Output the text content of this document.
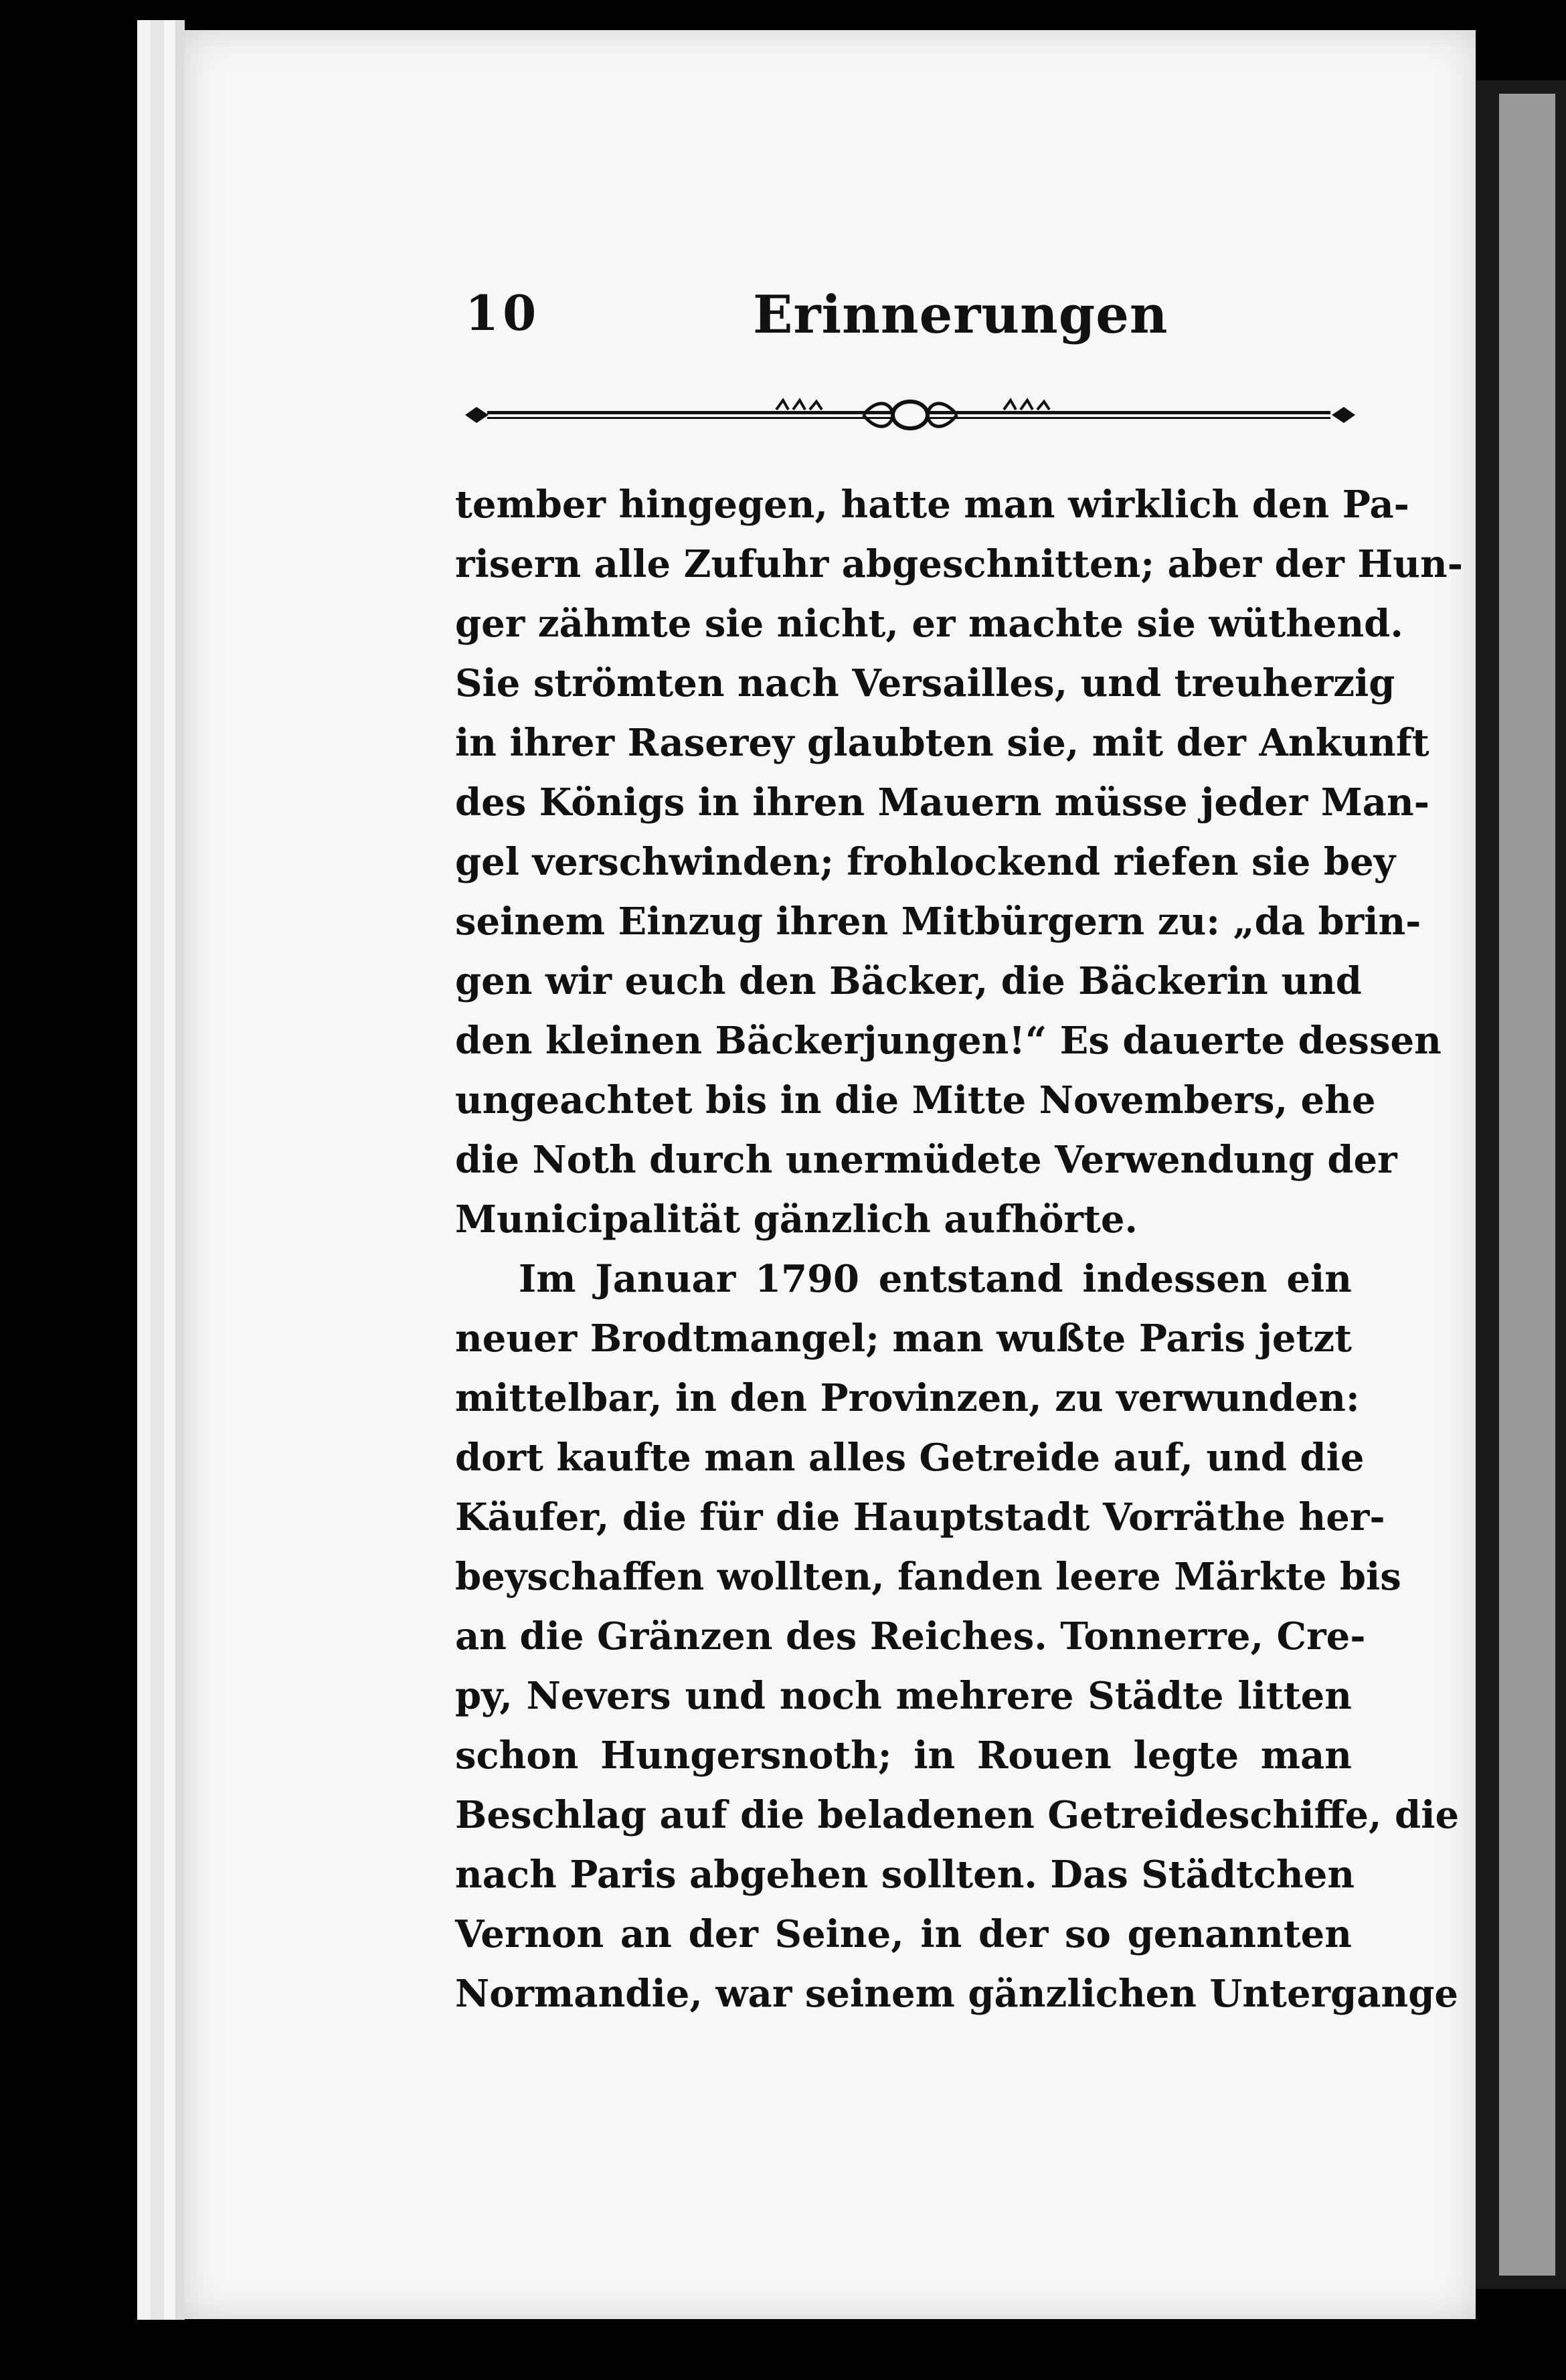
10	Erinnerungen
tember hingegen, hatte man wirklich den Pa-
risern alle Zufuhr abgeschnitten; aber der Hun-
ger zähmte sie nicht, er machte sie wüthend.
Sie strömten nach Versailles, und treuherzig
in ihrer Raserey glaubten sie, mit der Ankunft
des Königs in ihren Mauern müsse jeder Man-
gel verschwinden; frohlockend riefen sie bey
seinem Einzug ihren Mitbürgern zu: „da brin-
gen wir euch den Bäcker, die Bäckerin und
den kleinen Bäckerjungen!“ Es dauerte dessen
ungeachtet bis in die Mitte Novembers, ehe
die Noth durch unermüdete Verwendung der
Municipalität gänzlich aufhörte.
Im Januar 1790 entstand indessen ein
neuer Brodtmangel; man wußte Paris jetzt
mittelbar, in den Provinzen, zu verwunden:
dort kaufte man alles Getreide auf, und die
Käufer, die für die Hauptstadt Vorräthe her-
beyschaffen wollten, fanden leere Märkte bis
an die Gränzen des Reiches. Tonnerre, Cre-
py, Nevers und noch mehrere Städte litten
schon Hungersnoth; in Rouen legte man
Beschlag auf die beladenen Getreideschiffe, die
nach Paris abgehen sollten. Das Städtchen
Vernon an der Seine, in der so genannten
Normandie, war seinem gänzlichen Untergange
